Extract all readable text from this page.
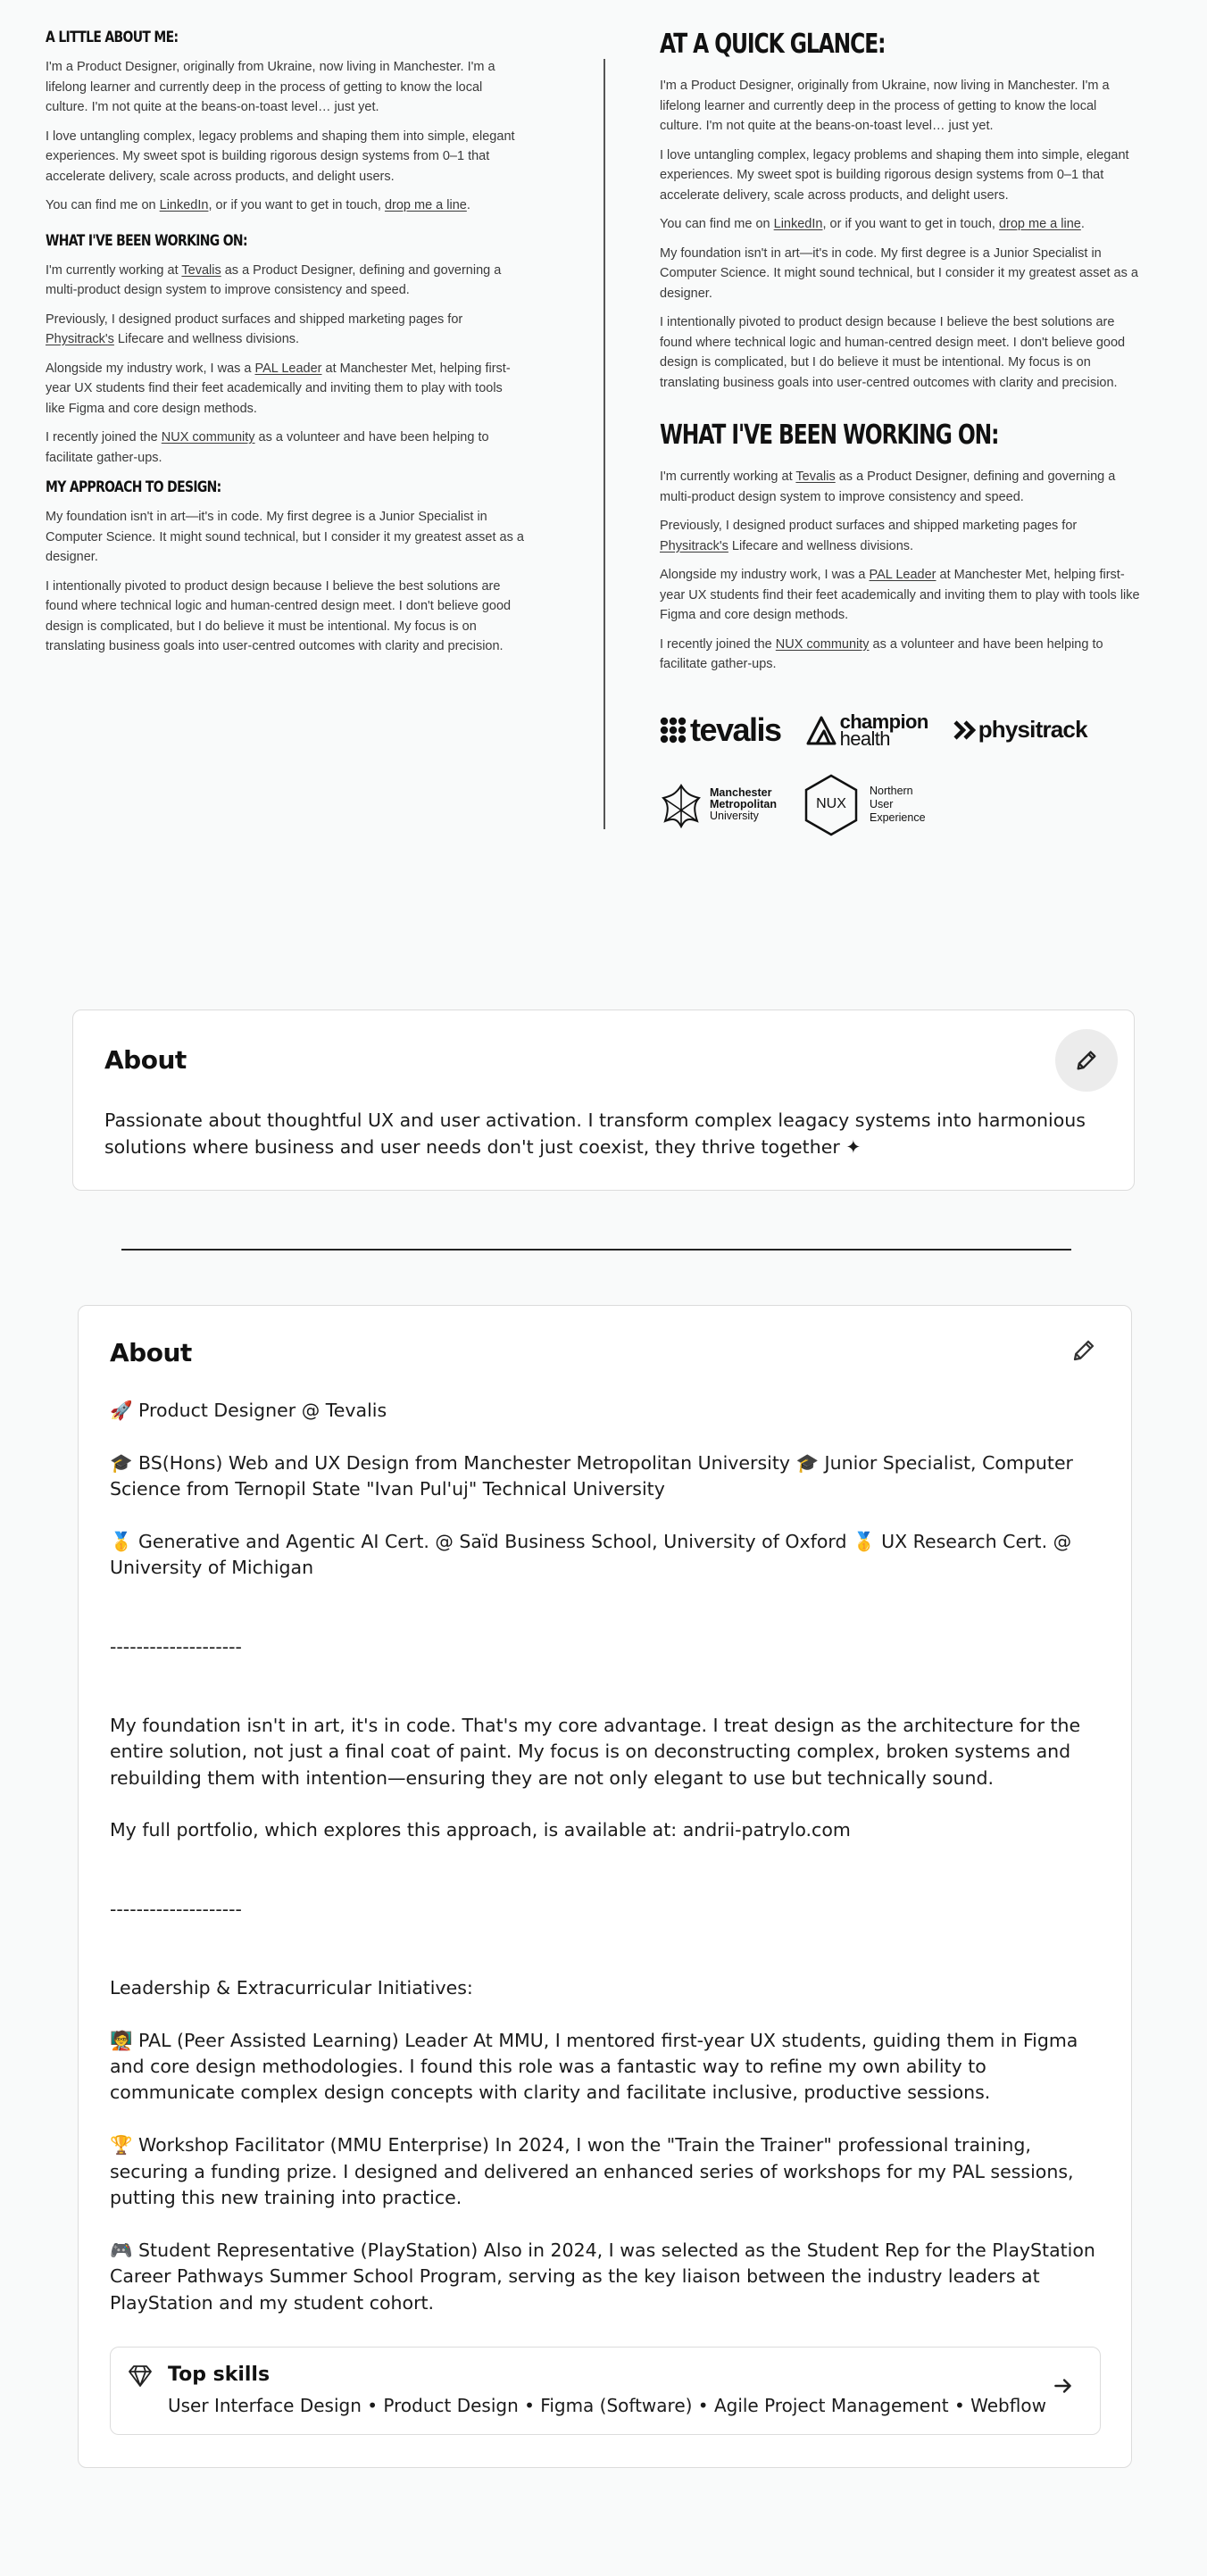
A LITTLE ABOUT ME:

I'm a Product Designer, originally from Ukraine, now living in Manchester. I'm a lifelong learner and currently deep in the process of getting to know the local culture. I'm not quite at the beans-on-toast level… just yet.

I love untangling complex, legacy problems and shaping them into simple, elegant experiences. My sweet spot is building rigorous design systems from 0–1 that accelerate delivery, scale across products, and delight users.

You can find me on LinkedIn, or if you want to get in touch, drop me a line.

WHAT I'VE BEEN WORKING ON:

I'm currently working at Tevalis as a Product Designer, defining and governing a multi-product design system to improve consistency and speed.

Previously, I designed product surfaces and shipped marketing pages for Physitrack's Lifecare and wellness divisions.

Alongside my industry work, I was a PAL Leader at Manchester Met, helping first-year UX students find their feet academically and inviting them to play with tools like Figma and core design methods.

I recently joined the NUX community as a volunteer and have been helping to facilitate gather-ups.

MY APPROACH TO DESIGN:

My foundation isn't in art—it's in code. My first degree is a Junior Specialist in Computer Science. It might sound technical, but I consider it my greatest asset as a designer.

I intentionally pivoted to product design because I believe the best solutions are found where technical logic and human-centred design meet. I don't believe good design is complicated, but I do believe it must be intentional. My focus is on translating business goals into user-centred outcomes with clarity and precision.

AT A QUICK GLANCE:

I'm a Product Designer, originally from Ukraine, now living in Manchester. I'm a lifelong learner and currently deep in the process of getting to know the local culture. I'm not quite at the beans-on-toast level… just yet.

I love untangling complex, legacy problems and shaping them into simple, elegant experiences. My sweet spot is building rigorous design systems from 0–1 that accelerate delivery, scale across products, and delight users.

You can find me on LinkedIn, or if you want to get in touch, drop me a line.

My foundation isn't in art—it's in code. My first degree is a Junior Specialist in Computer Science. It might sound technical, but I consider it my greatest asset as a designer.

I intentionally pivoted to product design because I believe the best solutions are found where technical logic and human-centred design meet. I don't believe good design is complicated, but I do believe it must be intentional. My focus is on translating business goals into user-centred outcomes with clarity and precision.

WHAT I'VE BEEN WORKING ON:

I'm currently working at Tevalis as a Product Designer, defining and governing a multi-product design system to improve consistency and speed.

Previously, I designed product surfaces and shipped marketing pages for Physitrack's Lifecare and wellness divisions.

Alongside my industry work, I was a PAL Leader at Manchester Met, helping first-year UX students find their feet academically and inviting them to play with tools like Figma and core design methods.

I recently joined the NUX community as a volunteer and have been helping to facilitate gather-ups.

tevalis	champion
health	physitrack
Manchester
Metropolitan
University
NUX
Northern
User
Experience
About
Passionate about thoughtful UX and user activation. I transform complex leagacy systems into harmonious solutions where business and user needs don't just coexist, they thrive together ✦
About
🚀 Product Designer @ Tevalis
🎓 BS(Hons) Web and UX Design from Manchester Metropolitan University 🎓 Junior Specialist, Computer Science from Ternopil State "Ivan Pul'uj" Technical University
🥇 Generative and Agentic AI Cert. @ Saïd Business School, University of Oxford 🥇 UX Research Cert. @ University of Michigan
--------------------
My foundation isn't in art, it's in code. That's my core advantage. I treat design as the architecture for the entire solution, not just a final coat of paint. My focus is on deconstructing complex, broken systems and rebuilding them with intention—ensuring they are not only elegant to use but technically sound.
My full portfolio, which explores this approach, is available at: andrii-patrylo.com
--------------------
Leadership & Extracurricular Initiatives:
🧑‍🏫 PAL (Peer Assisted Learning) Leader At MMU, I mentored first-year UX students, guiding them in Figma and core design methodologies. I found this role was a fantastic way to refine my own ability to communicate complex design concepts with clarity and facilitate inclusive, productive sessions.
🏆 Workshop Facilitator (MMU Enterprise) In 2024, I won the "Train the Trainer" professional training, securing a funding prize. I designed and delivered an enhanced series of workshops for my PAL sessions, putting this new training into practice.
🎮 Student Representative (PlayStation) Also in 2024, I was selected as the Student Rep for the PlayStation Career Pathways Summer School Program, serving as the key liaison between the industry leaders at PlayStation and my student cohort.
Top skills
User Interface Design • Product Design • Figma (Software) • Agile Project Management • Webflow
